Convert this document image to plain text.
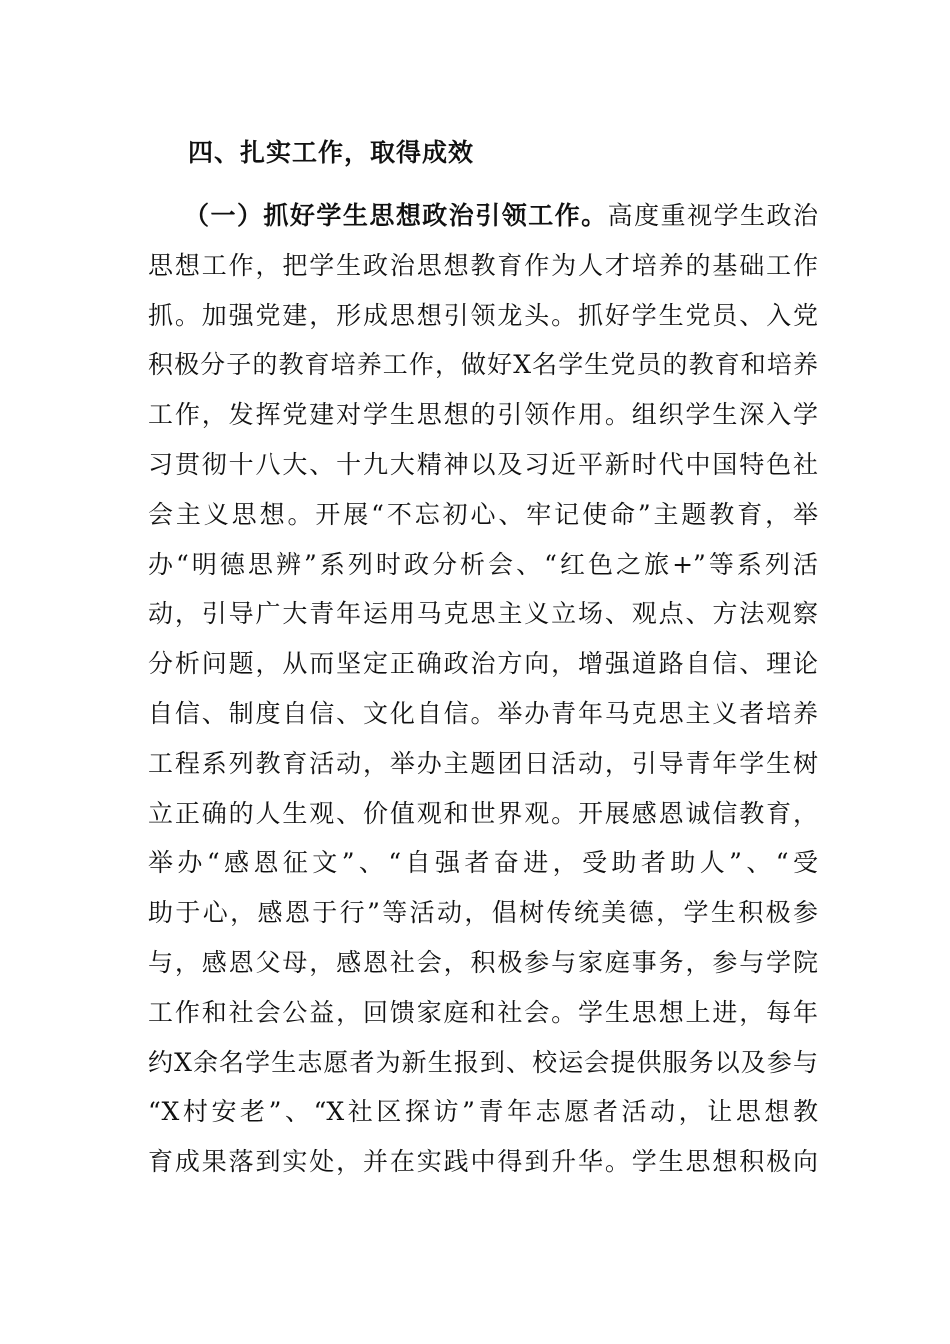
四、扎实工作，取得成效
（一）抓好学生思想政治引领工作。高度重视学生政治
思想工作，把学生政治思想教育作为人才培养的基础工作
抓。加强党建，形成思想引领龙头。抓好学生党员、入党
积极分子的教育培养工作，做好X名学生党员的教育和培养
工作，发挥党建对学生思想的引领作用。组织学生深入学
习贯彻十八大、十九大精神以及习近平新时代中国特色社
会主义思想。开展“不忘初心、牢记使命”主题教育，举
办“明德思辨”系列时政分析会、“红色之旅+”等系列活
动，引导广大青年运用马克思主义立场、观点、方法观察
分析问题，从而坚定正确政治方向，增强道路自信、理论
自信、制度自信、文化自信。举办青年马克思主义者培养
工程系列教育活动，举办主题团日活动，引导青年学生树
立正确的人生观、价值观和世界观。开展感恩诚信教育，
举办“感恩征文”、“自强者奋进，受助者助人”、“受
助于心，感恩于行”等活动，倡树传统美德，学生积极参
与，感恩父母，感恩社会，积极参与家庭事务，参与学院
工作和社会公益，回馈家庭和社会。学生思想上进，每年
约X余名学生志愿者为新生报到、校运会提供服务以及参与
“X村安老”、“X社区探访”青年志愿者活动，让思想教
育成果落到实处，并在实践中得到升华。学生思想积极向
